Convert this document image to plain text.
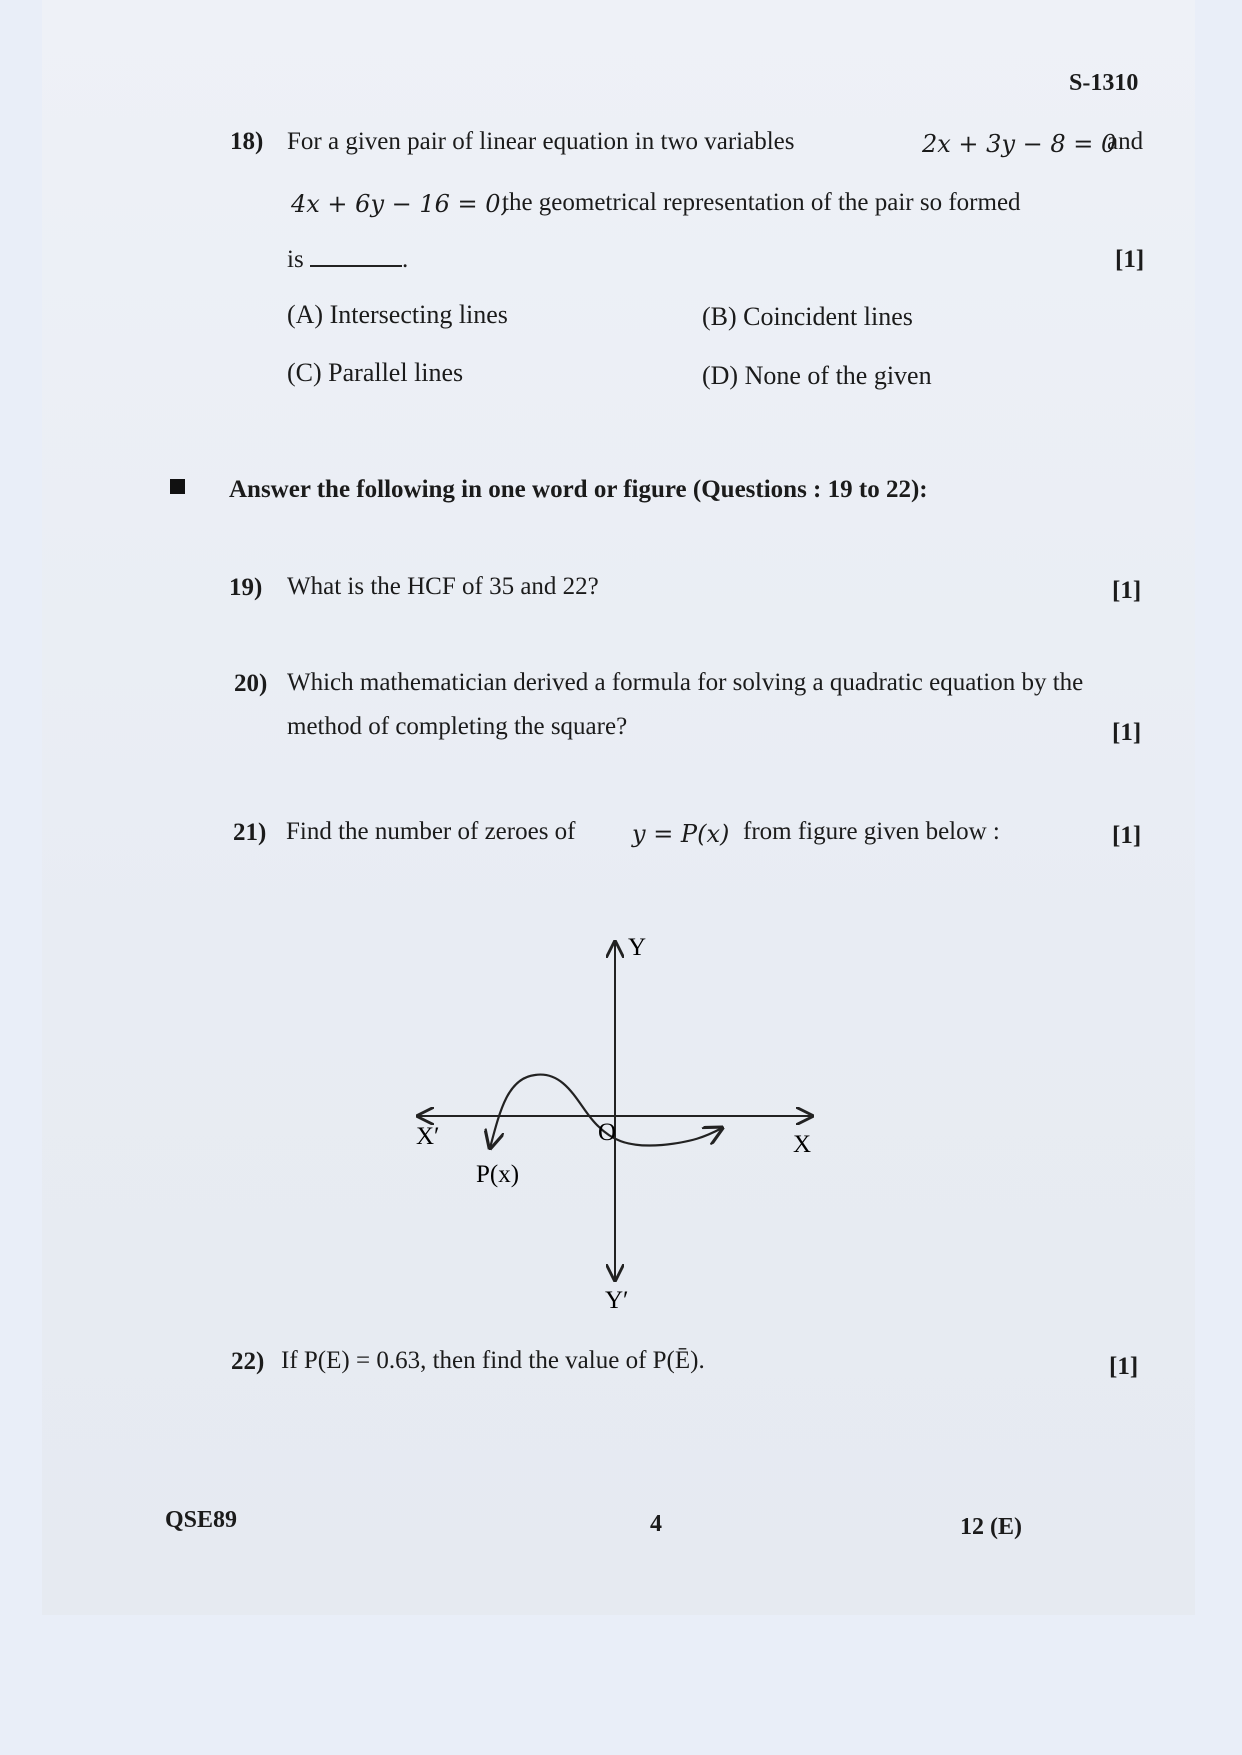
S-1310
18) For a given pair of linear equation in two variables	2x + 3y − 8 = 0
and
4x + 6y − 16 = 0,
the geometrical representation of the pair so formed
is	.	[1]
(A) Intersecting lines	(B) Coincident lines
(C) Parallel lines	(D) None of the given
Answer the following in one word or figure (Questions : 19 to 22):
19) What is the HCF of 35 and 22?	[1]
20) Which mathematician derived a formula for solving a quadratic equation by the
method of completing the square?	[1]
21) Find the number of zeroes of y = P(x) from figure given below :	[1]
Y
Y′
X
X′	O
P(x)
22) If P(E) = 0.63, then find the value of P(Ē).	[1]
QSE89	4	12 (E)
